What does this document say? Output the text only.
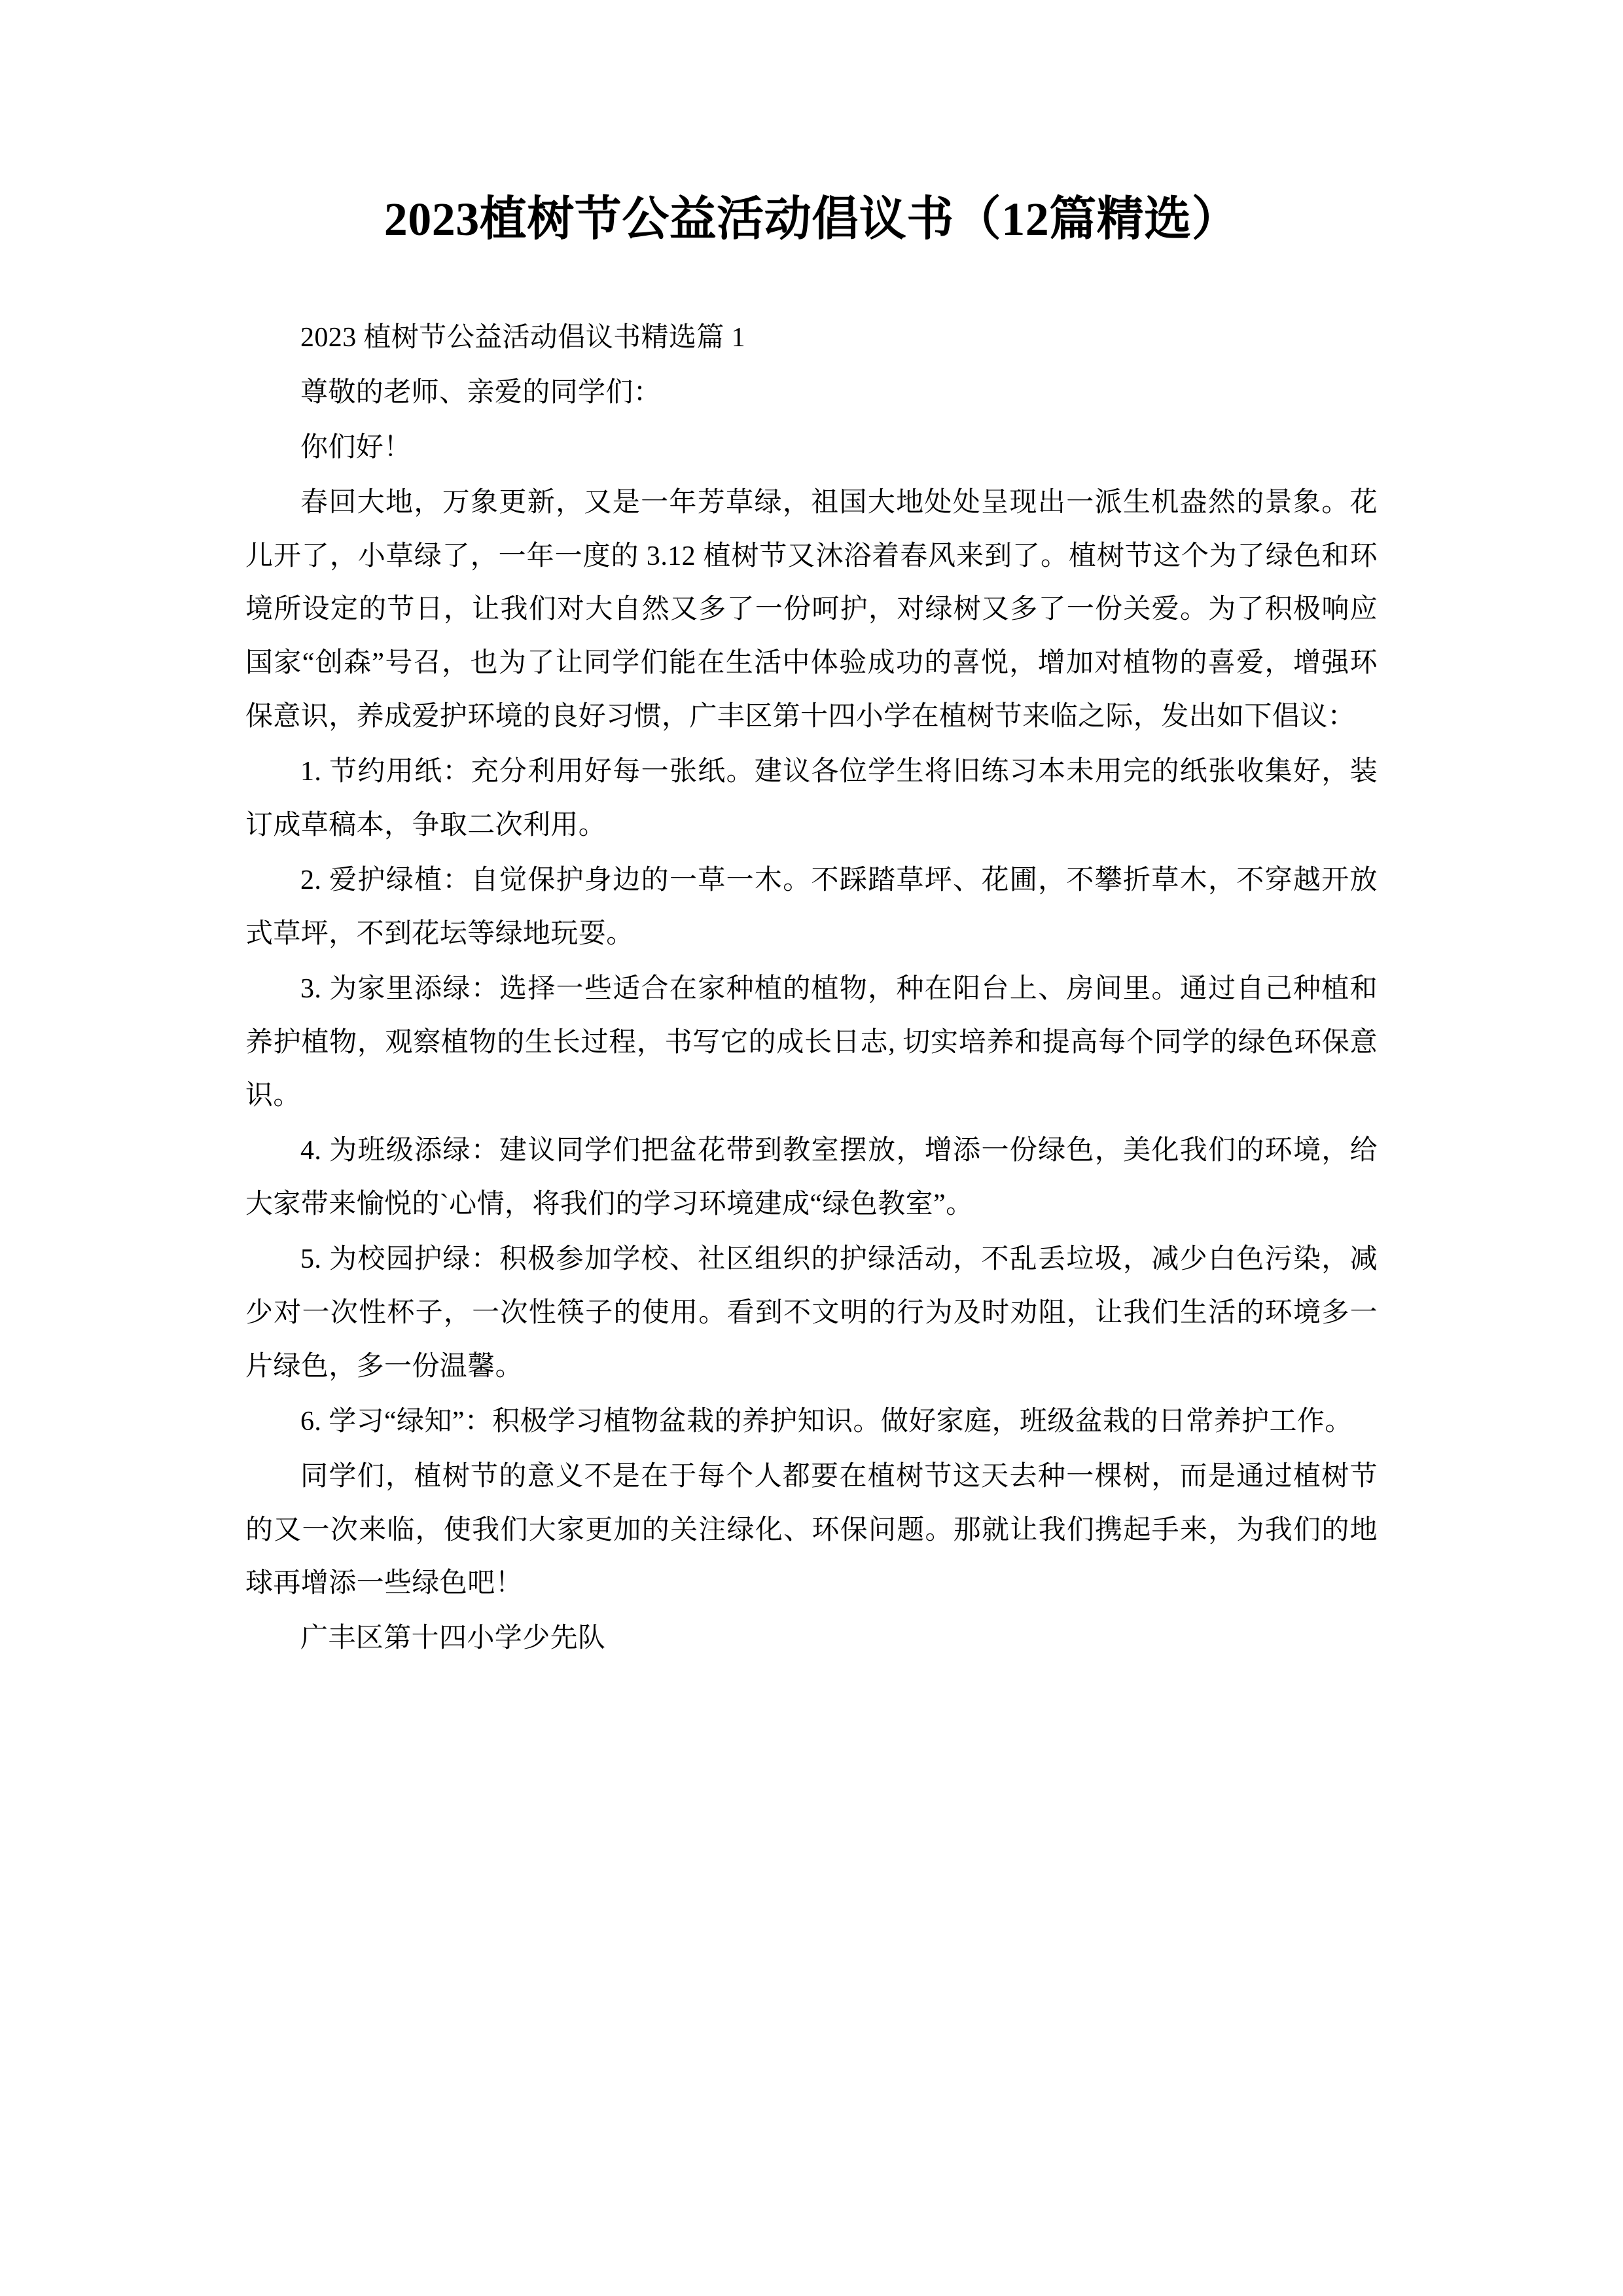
2023植树节公益活动倡议书（12篇精选）

2023 植树节公益活动倡议书精选篇 1

尊敬的老师、亲爱的同学们：

你们好！

春回大地，万象更新，又是一年芳草绿，祖国大地处处呈现出一派生机盎然的景象。花儿开了，小草绿了，一年一度的 3.12 植树节又沐浴着春风来到了。植树节这个为了绿色和环境所设定的节日，让我们对大自然又多了一份呵护，对绿树又多了一份关爱。为了积极响应国家“创森”号召，也为了让同学们能在生活中体验成功的喜悦，增加对植物的喜爱，增强环保意识，养成爱护环境的良好习惯，广丰区第十四小学在植树节来临之际，发出如下倡议：

1. 节约用纸：充分利用好每一张纸。建议各位学生将旧练习本未用完的纸张收集好，装订成草稿本，争取二次利用。

2. 爱护绿植：自觉保护身边的一草一木。不踩踏草坪、花圃，不攀折草木，不穿越开放式草坪，不到花坛等绿地玩耍。

3. 为家里添绿：选择一些适合在家种植的植物，种在阳台上、房间里。通过自己种植和养护植物，观察植物的生长过程，书写它的成长日志, 切实培养和提高每个同学的绿色环保意识。

4. 为班级添绿：建议同学们把盆花带到教室摆放，增添一份绿色，美化我们的环境，给大家带来愉悦的`心情，将我们的学习环境建成“绿色教室”。

5. 为校园护绿：积极参加学校、社区组织的护绿活动，不乱丢垃圾，减少白色污染，减少对一次性杯子，一次性筷子的使用。看到不文明的行为及时劝阻，让我们生活的环境多一片绿色，多一份温馨。

6. 学习“绿知”：积极学习植物盆栽的养护知识。做好家庭，班级盆栽的日常养护工作。

同学们，植树节的意义不是在于每个人都要在植树节这天去种一棵树，而是通过植树节的又一次来临，使我们大家更加的关注绿化、环保问题。那就让我们携起手来，为我们的地球再增添一些绿色吧！

广丰区第十四小学少先队
